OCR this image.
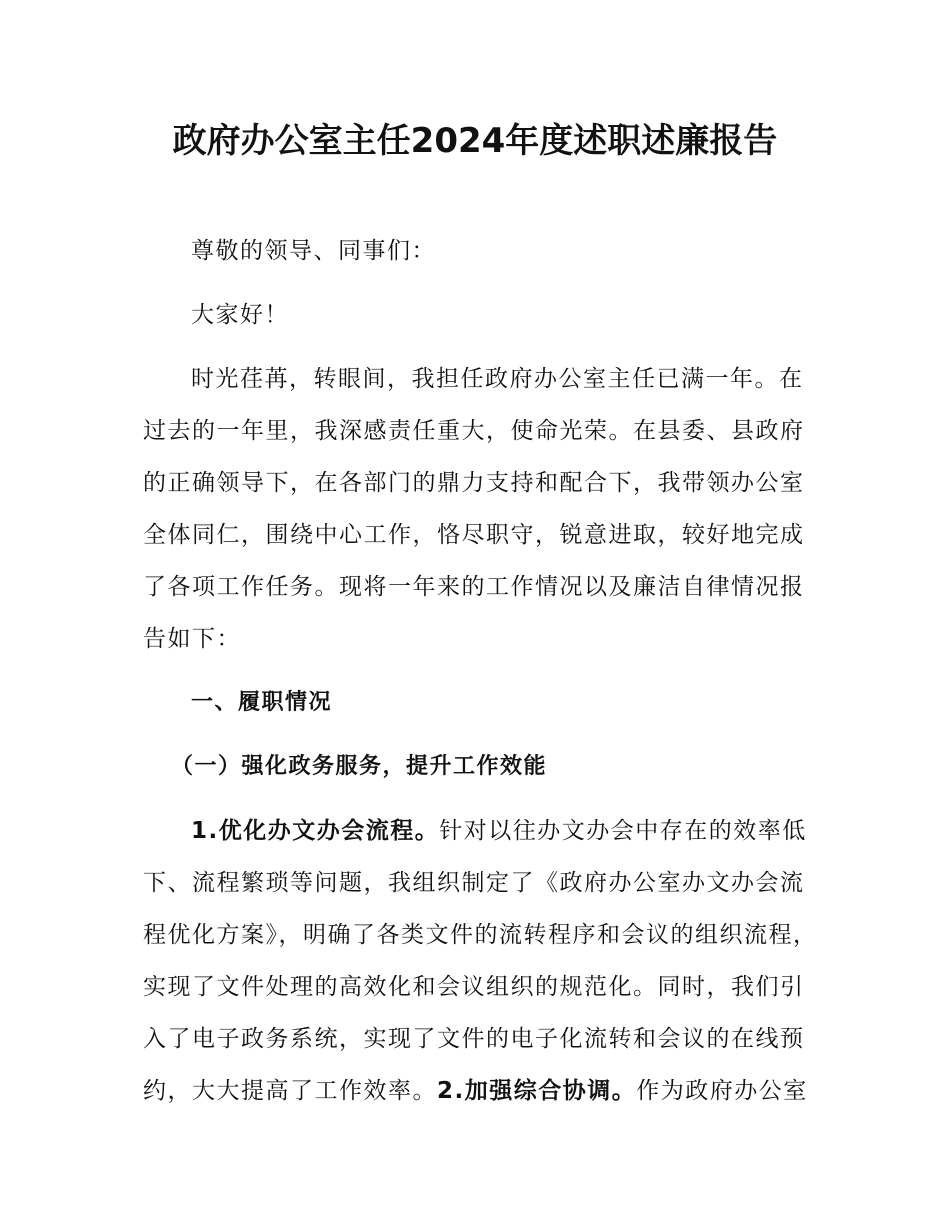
政府办公室主任2024年度述职述廉报告

尊敬的领导、同事们：

大家好！

时光荏苒，转眼间，我担任政府办公室主任已满一年。在过去的一年里，我深感责任重大，使命光荣。在县委、县政府的正确领导下，在各部门的鼎力支持和配合下，我带领办公室全体同仁，围绕中心工作，恪尽职守，锐意进取，较好地完成了各项工作任务。现将一年来的工作情况以及廉洁自律情况报告如下：

一、履职情况

（一）强化政务服务，提升工作效能

1.优化办文办会流程。针对以往办文办会中存在的效率低下、流程繁琐等问题，我组织制定了《政府办公室办文办会流程优化方案》，明确了各类文件的流转程序和会议的组织流程，实现了文件处理的高效化和会议组织的规范化。同时，我们引入了电子政务系统，实现了文件的电子化流转和会议的在线预约，大大提高了工作效率。2.加强综合协调。作为政府办公室
